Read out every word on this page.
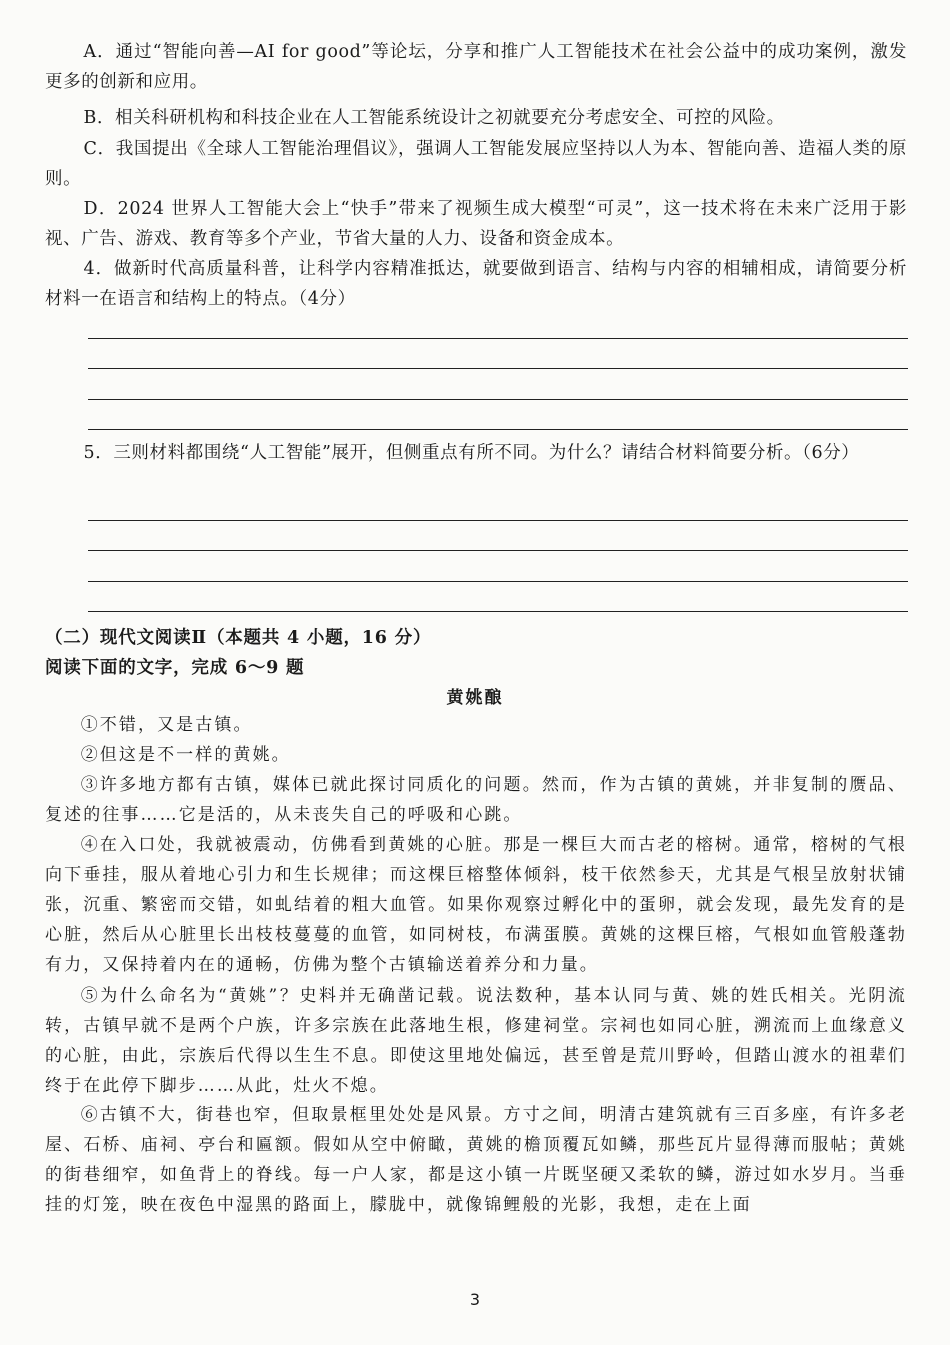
A．通过“智能向善—AI for good”等论坛，分享和推广人工智能技术在社会公益中的成功案例，激发更多的创新和应用。
B．相关科研机构和科技企业在人工智能系统设计之初就要充分考虑安全、可控的风险。
C．我国提出《全球人工智能治理倡议》，强调人工智能发展应坚持以人为本、智能向善、造福人类的原则。
D．2024 世界人工智能大会上“快手”带来了视频生成大模型“可灵”，这一技术将在未来广泛用于影视、广告、游戏、教育等多个产业，节省大量的人力、设备和资金成本。
4．做新时代高质量科普，让科学内容精准抵达，就要做到语言、结构与内容的相辅相成，请简要分析材料一在语言和结构上的特点。（4分）
5．三则材料都围绕“人工智能”展开，但侧重点有所不同。为什么？请结合材料简要分析。（6分）
（二）现代文阅读Ⅱ（本题共 4 小题，16 分）
阅读下面的文字，完成 6～9 题
黄姚酿
①不错，又是古镇。
②但这是不一样的黄姚。
③许多地方都有古镇，媒体已就此探讨同质化的问题。然而，作为古镇的黄姚，并非复制的赝品、复述的往事……它是活的，从未丧失自己的呼吸和心跳。
④在入口处，我就被震动，仿佛看到黄姚的心脏。那是一棵巨大而古老的榕树。通常，榕树的气根向下垂挂，服从着地心引力和生长规律；而这棵巨榕整体倾斜，枝干依然参天，尤其是气根呈放射状铺张，沉重、繁密而交错，如虬结着的粗大血管。如果你观察过孵化中的蛋卵，就会发现，最先发育的是心脏，然后从心脏里长出枝枝蔓蔓的血管，如同树枝，布满蛋膜。黄姚的这棵巨榕，气根如血管般蓬勃有力，又保持着内在的通畅，仿佛为整个古镇输送着养分和力量。
⑤为什么命名为“黄姚”？史料并无确凿记载。说法数种，基本认同与黄、姚的姓氏相关。光阴流转，古镇早就不是两个户族，许多宗族在此落地生根，修建祠堂。宗祠也如同心脏，溯流而上血缘意义的心脏，由此，宗族后代得以生生不息。即使这里地处偏远，甚至曾是荒川野岭，但踏山渡水的祖辈们终于在此停下脚步……从此，灶火不熄。
⑥古镇不大，街巷也窄，但取景框里处处是风景。方寸之间，明清古建筑就有三百多座，有许多老屋、石桥、庙祠、亭台和匾额。假如从空中俯瞰，黄姚的檐顶覆瓦如鳞，那些瓦片显得薄而服帖；黄姚的街巷细窄，如鱼背上的脊线。每一户人家，都是这小镇一片既坚硬又柔软的鳞，游过如水岁月。当垂挂的灯笼，映在夜色中湿黑的路面上，朦胧中，就像锦鲤般的光影，我想，走在上面
3
